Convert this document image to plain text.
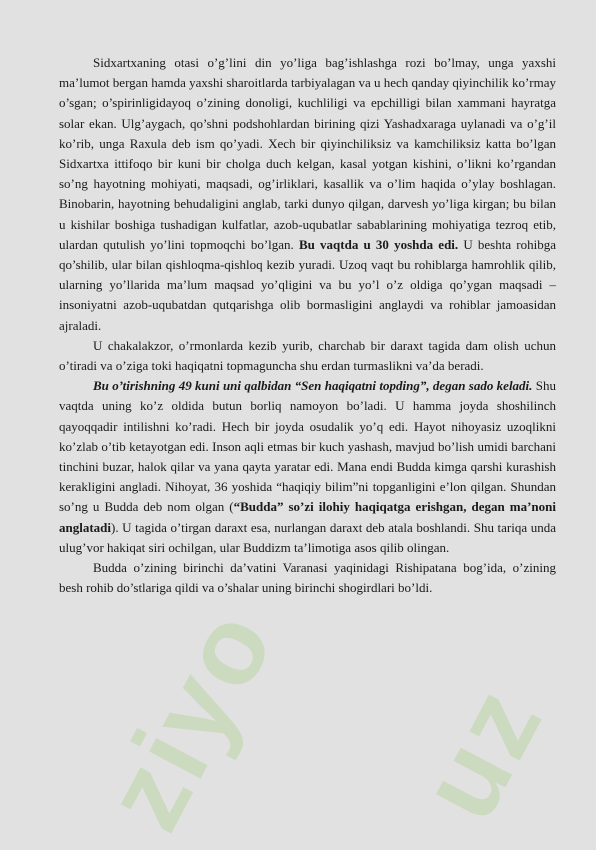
ziyo uz

Sidxartxaning otasi o’g’lini din yo’liga bag’ishlashga rozi bo’lmay, unga yaxshi ma’lumot bergan hamda yaxshi sharoitlarda tarbiyalagan va u hech qanday qiyinchilik ko’rmay o’sgan; o’spirinligidayoq o’zining donoligi, kuchliligi va epchilligi bilan xammani hayratga solar ekan. Ulg’aygach, qo’shni podshohlardan birining qizi Yashadxaraga uylanadi va o’g’il ko’rib, unga Raxula deb ism qo’yadi. Xech bir qiyinchiliksiz va kamchiliksiz katta bo’lgan Sidxartxa ittifoqo bir kuni bir cholga duch kelgan, kasal yotgan kishini, o’likni ko’rgandan so’ng hayotning mohiyati, maqsadi, og’irliklari, kasallik va o’lim haqida o’ylay boshlagan. Binobarin, hayotning behudaligini anglab, tarki dunyo qilgan, darvesh yo’liga kirgan; bu bilan u kishilar boshiga tushadigan kulfatlar, azob-uqubatlar sabablarining mohiyatiga tezroq etib, ulardan qutulish yo’lini topmoqchi bo’lgan. Bu vaqtda u 30 yoshda edi. U beshta rohibga qo’shilib, ular bilan qishloqma-qishloq kezib yuradi. Uzoq vaqt bu rohiblarga hamrohlik qilib, ularning yo’llarida ma’lum maqsad yo’qligini va bu yo’l o’z oldiga qo’ygan maqsadi – insoniyatni azob-uqubatdan qutqarishga olib bormasligini anglaydi va rohiblar jamoasidan ajraladi.

U chakalakzor, o’rmonlarda kezib yurib, charchab bir daraxt tagida dam olish uchun o’tiradi va o’ziga toki haqiqatni topmaguncha shu erdan turmaslikni va’da beradi.

Bu o’tirishning 49 kuni uni qalbidan “Sen haqiqatni topding”, degan sado keladi. Shu vaqtda uning ko’z oldida butun borliq namoyon bo’ladi. U hamma joyda shoshilinch qayoqqadir intilishni ko’radi. Hech bir joyda osudalik yo’q edi. Hayot nihoyasiz uzoqlikni ko’zlab o’tib ketayotgan edi. Inson aqli etmas bir kuch yashash, mavjud bo’lish umidi barchani tinchini buzar, halok qilar va yana qayta yaratar edi. Mana endi Budda kimga qarshi kurashish kerakligini angladi. Nihoyat, 36 yoshida “haqiqiy bilim”ni topganligini e’lon qilgan. Shundan so’ng u Budda deb nom olgan (“Budda” so’zi ilohiy haqiqatga erishgan, degan ma’noni anglatadi). U tagida o’tirgan daraxt esa, nurlangan daraxt deb atala boshlandi. Shu tariqa unda ulug’vor hakiqat siri ochilgan, ular Buddizm ta’limotiga asos qilib olingan.

Budda o’zining birinchi da’vatini Varanasi yaqinidagi Rishipatana bog’ida, o’zining besh rohib do’stlariga qildi va o’shalar uning birinchi shogirdlari bo’ldi.
